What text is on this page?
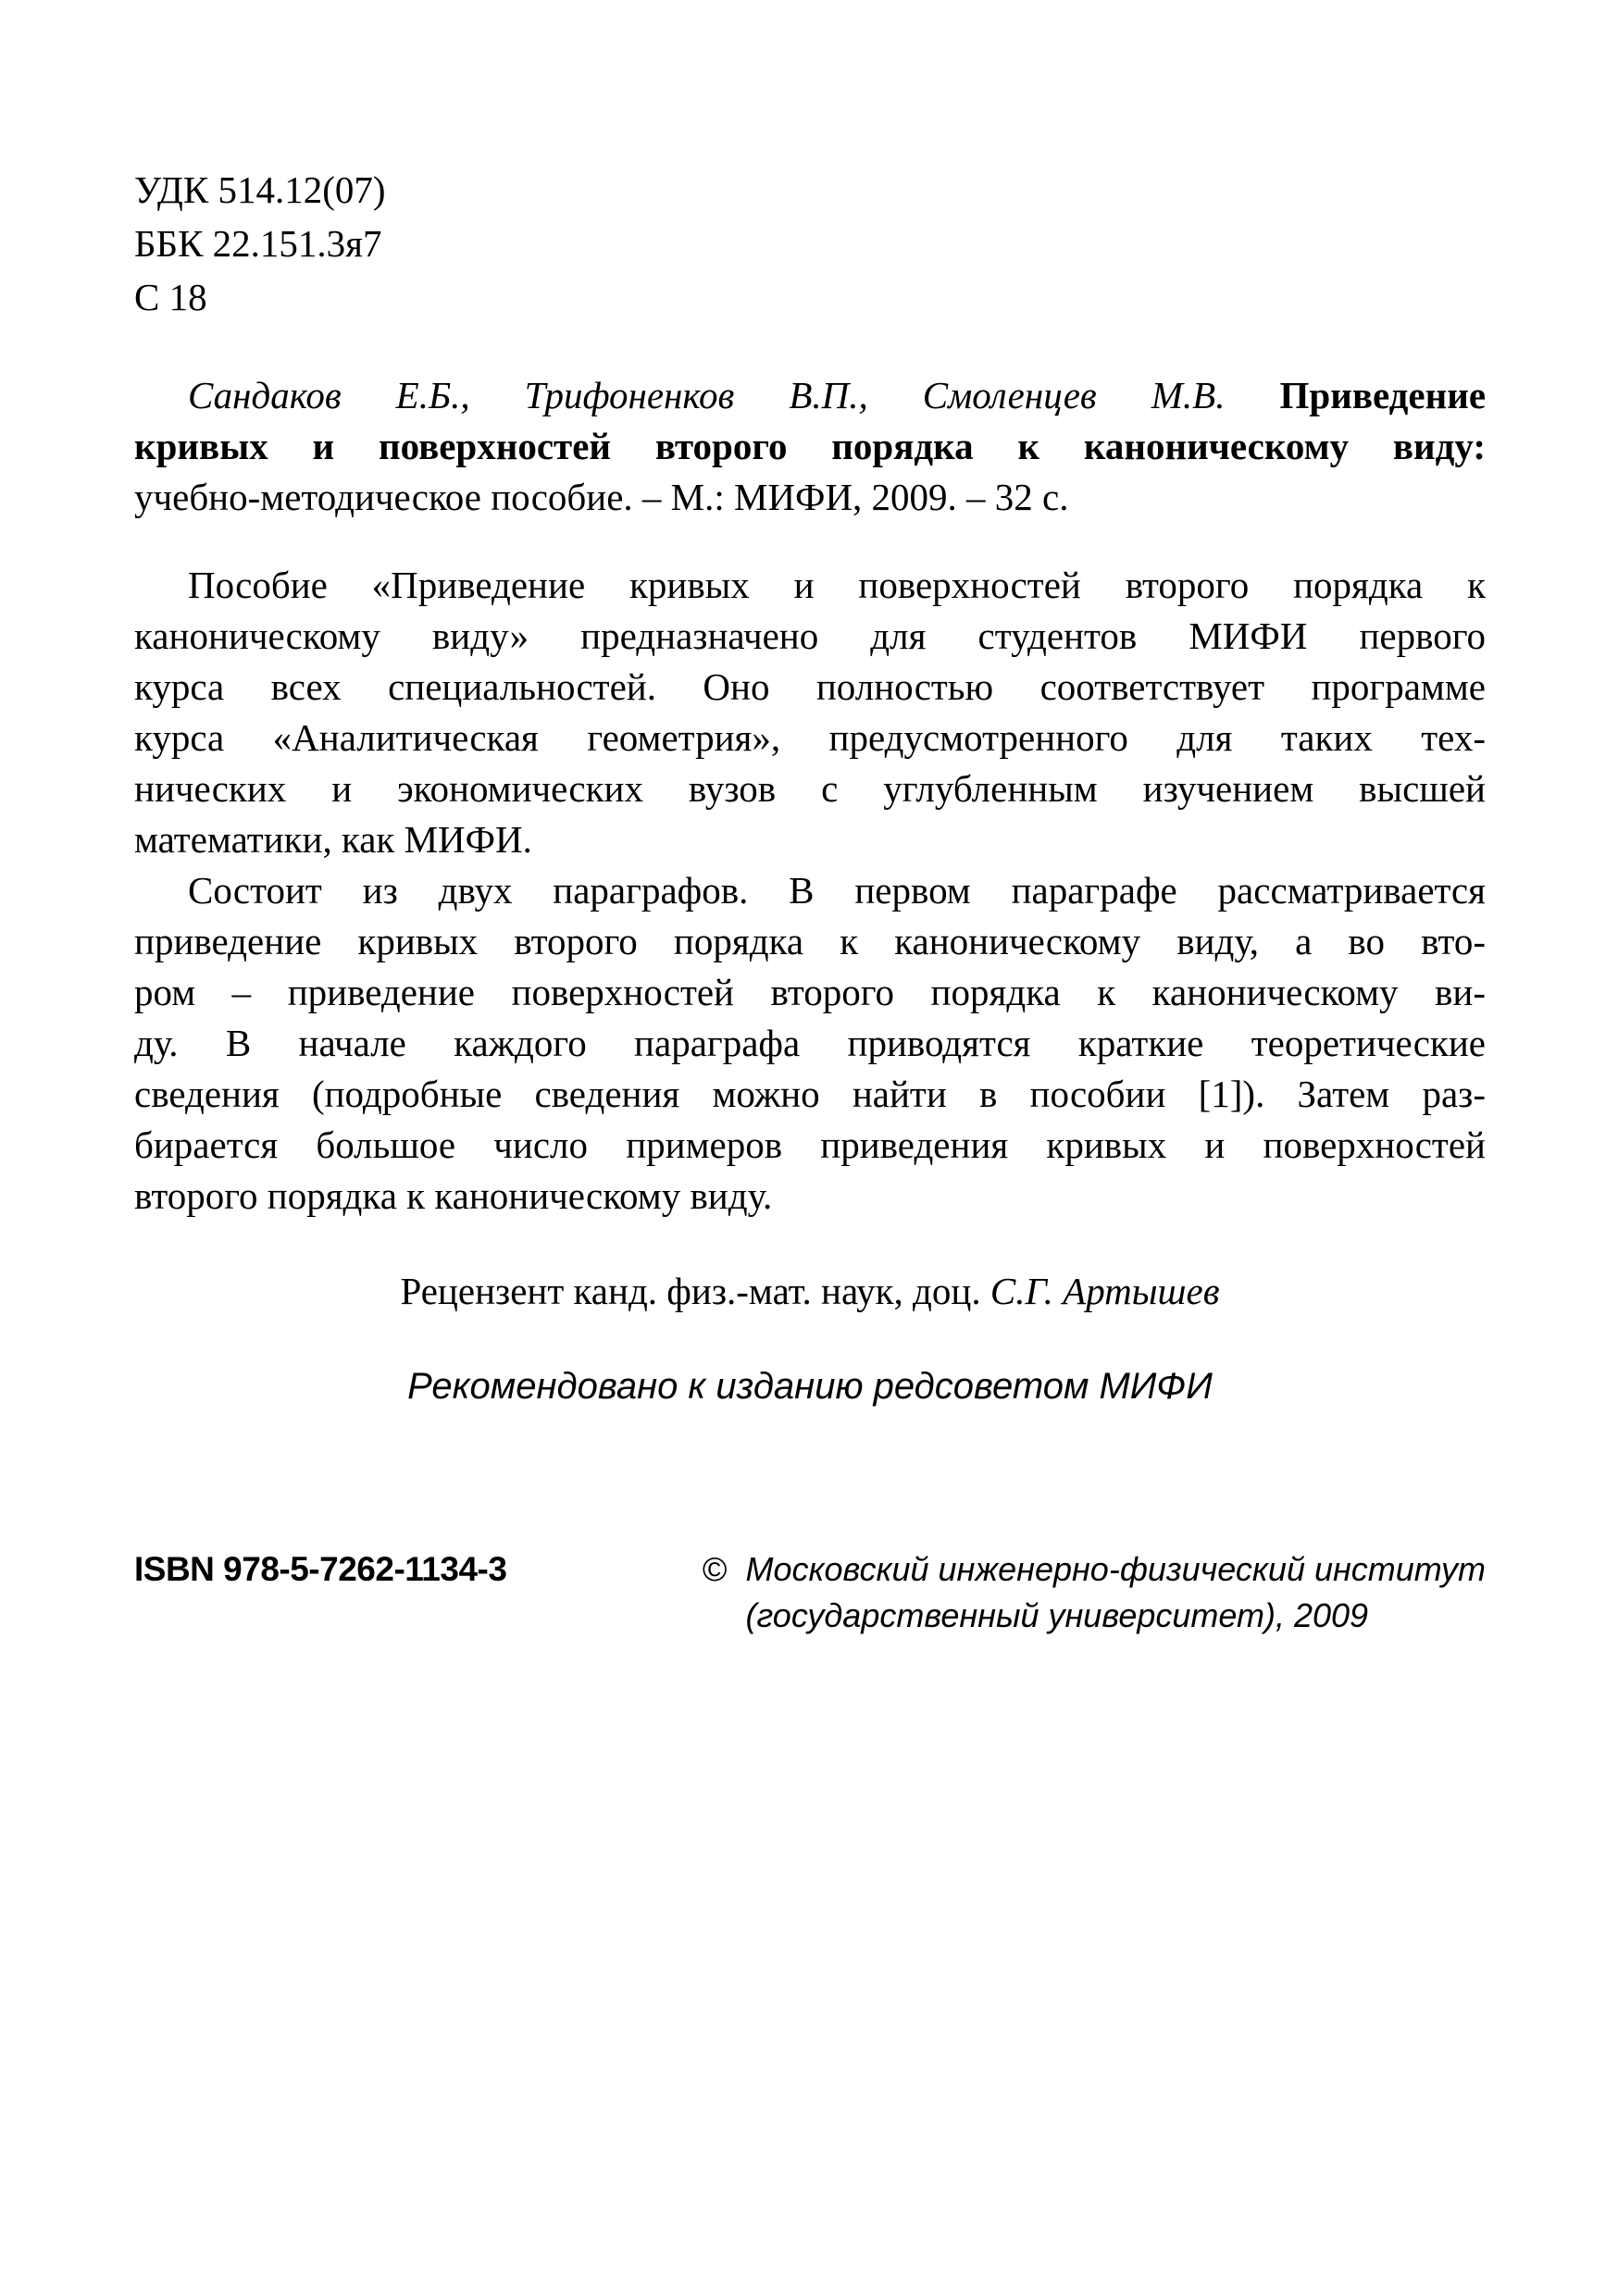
УДК 514.12(07)
ББК 22.151.3я7
С 18
Сандаков Е.Б., Трифоненков В.П., Смоленцев М.В. Приведение
кривых и поверхностей второго порядка к каноническому виду:
учебно-методическое пособие. – М.: МИФИ, 2009. – 32 с.
Пособие «Приведение кривых и поверхностей второго порядка к
каноническому виду» предназначено для студентов МИФИ первого
курса всех специальностей. Оно полностью соответствует программе
курса «Аналитическая геометрия», предусмотренного для таких тех-
нических и экономических вузов с углубленным изучением высшей
математики, как МИФИ.
Состоит из двух параграфов. В первом параграфе рассматривается
приведение кривых второго порядка к каноническому виду, а во вто-
ром – приведение поверхностей второго порядка к каноническому ви-
ду. В начале каждого параграфа приводятся краткие теоретические
сведения (подробные сведения можно найти в пособии [1]). Затем раз-
бирается большое число примеров приведения кривых и поверхностей
второго порядка к каноническому виду.
Рецензент канд. физ.-мат. наук, доц. С.Г. Артышев
Рекомендовано к изданию редсоветом МИФИ
ISBN 978-5-7262-1134-3	© Московский инженерно-физический институт
(государственный университет), 2009
